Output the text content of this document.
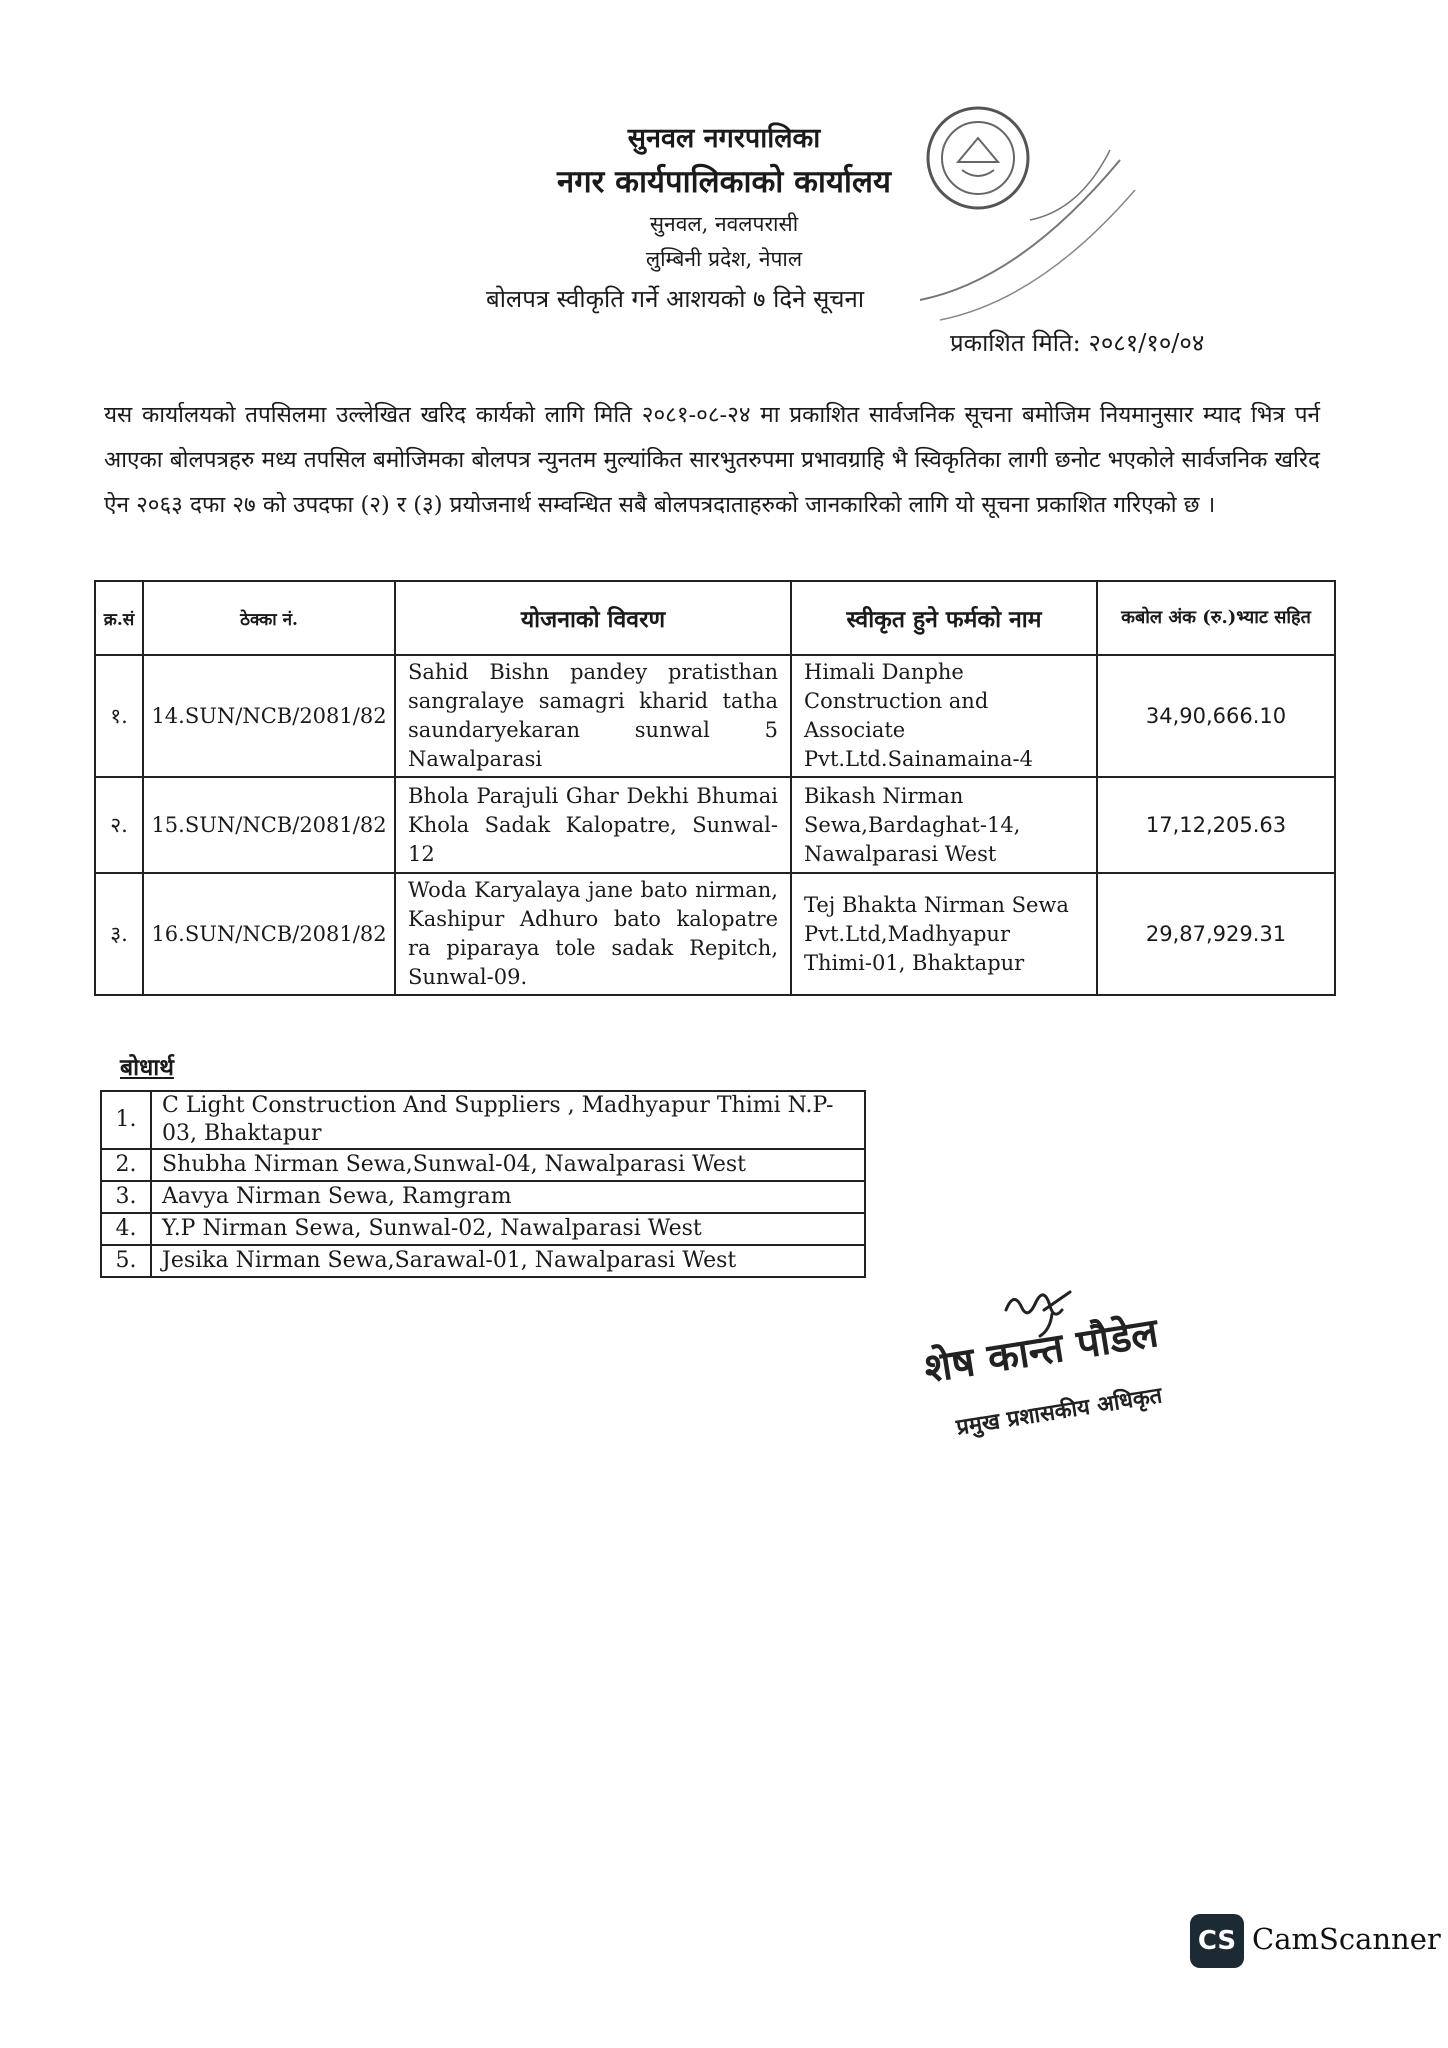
सुनवल नगरपालिका
नगर कार्यपालिकाको कार्यालय
सुनवल, नवलपरासी
लुम्बिनी प्रदेश, नेपाल
बोलपत्र स्वीकृति गर्ने आशयको ७ दिने सूचना
प्रकाशित मिति: २०८१/१०/०४

यस कार्यालयको तपसिलमा उल्लेखित खरिद कार्यको लागि मिति २०८१-०८-२४ मा प्रकाशित सार्वजनिक सूचना बमोजिम नियमानुसार म्याद भित्र पर्न आएका बोलपत्रहरु मध्य तपसिल बमोजिमका बोलपत्र न्युनतम मुल्यांकित सारभुतरुपमा प्रभावग्राहि भै स्विकृतिका लागी छनोट भएकोले सार्वजनिक खरिद ऐन २०६३ दफा २७ को उपदफा (२) र (३) प्रयोजनार्थ सम्वन्धित सबै बोलपत्रदाताहरुको जानकारिको लागि यो सूचना प्रकाशित गरिएको छ ।

क्र.सं	ठेक्का नं.	योजनाको विवरण	स्वीकृत हुने फर्मको नाम	कबोल अंक (रु.)भ्याट सहित
१.	14.SUN/NCB/2081/82	Sahid Bishn pandey pratisthan sangralaye samagri kharid tatha saundaryekaran sunwal 5 Nawalparasi	Himali Danphe Construction and Associate Pvt.Ltd.Sainamaina-4	34,90,666.10
२.	15.SUN/NCB/2081/82	Bhola Parajuli Ghar Dekhi Bhumai Khola Sadak Kalopatre, Sunwal-12	Bikash Nirman Sewa,Bardaghat-14, Nawalparasi West	17,12,205.63
३.	16.SUN/NCB/2081/82	Woda Karyalaya jane bato nirman, Kashipur Adhuro bato kalopatre ra piparaya tole sadak Repitch, Sunwal-09.	Tej Bhakta Nirman Sewa Pvt.Ltd,Madhyapur Thimi-01, Bhaktapur	29,87,929.31
बोधार्थ
1.	C Light Construction And Suppliers , Madhyapur Thimi N.P-03, Bhaktapur
2.	Shubha Nirman Sewa,Sunwal-04, Nawalparasi West
3.	Aavya Nirman Sewa, Ramgram
4.	Y.P Nirman Sewa, Sunwal-02, Nawalparasi West
5.	Jesika Nirman Sewa,Sarawal-01, Nawalparasi West
शेष कान्त पौडेल
प्रमुख प्रशासकीय अधिकृत
CS CamScanner
